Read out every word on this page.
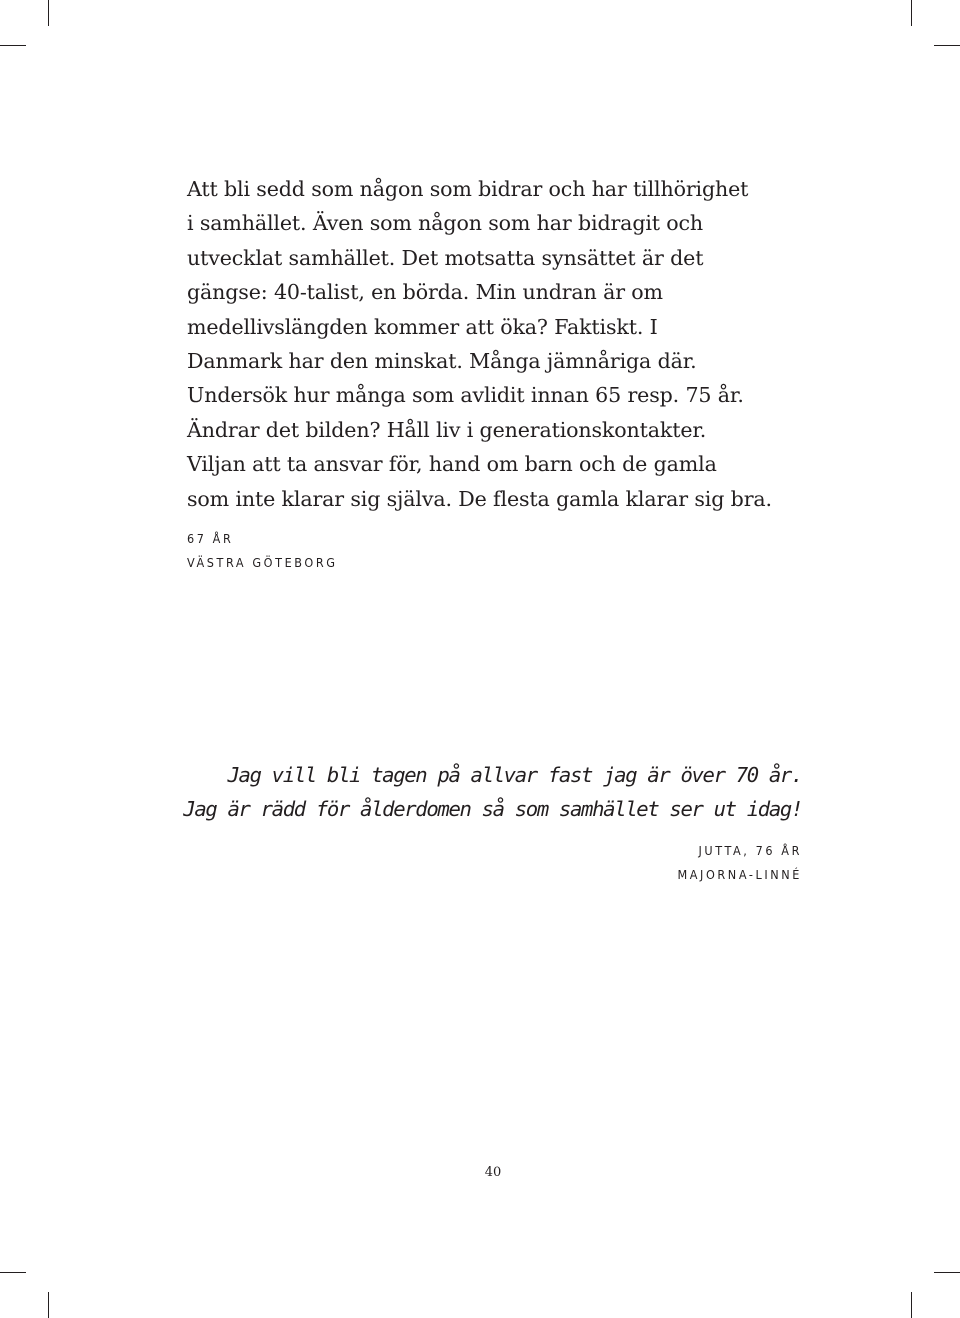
Att bli sedd som någon som bidrar och har tillhörighet
i samhället. Även som någon som har bidragit och
utvecklat samhället. Det motsatta synsättet är det
gängse: 40-talist, en börda. Min undran är om
medellivslängden kommer att öka? Faktiskt. I
Danmark har den minskat. Många jämnåriga där.
Undersök hur många som avlidit innan 65 resp. 75 år.
Ändrar det bilden? Håll liv i generationskontakter.
Viljan att ta ansvar för, hand om barn och de gamla
som inte klarar sig själva. De flesta gamla klarar sig bra.

67 ÅR
VÄSTRA GÖTEBORG

Jag vill bli tagen på allvar fast jag är över 70 år.
Jag är rädd för ålderdomen så som samhället ser ut idag!

JUTTA, 76 ÅR
MAJORNA-LINNÉ
40
